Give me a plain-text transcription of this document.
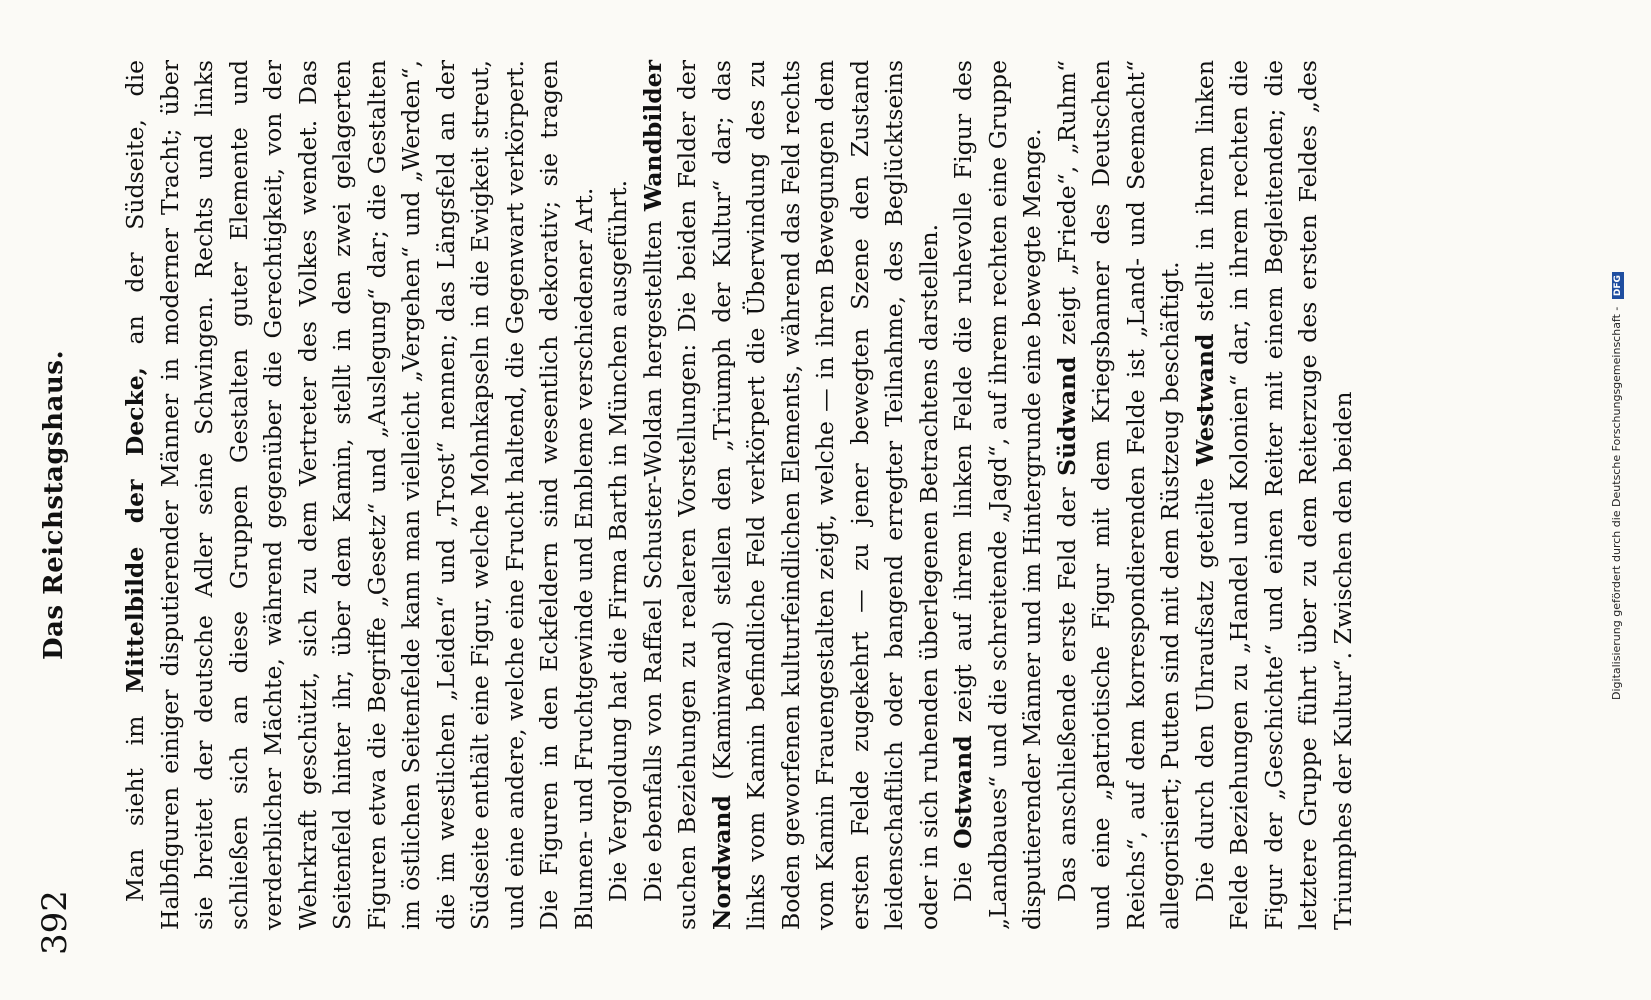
392
Das Reichstagshaus.

Man sieht im Mittelbilde der Decke, an der Südseite, die Halbfiguren einiger disputierender Männer in moderner Tracht; über sie breitet der deutsche Adler seine Schwingen. Rechts und links schließen sich an diese Gruppen Gestalten guter Elemente und verderblicher Mächte, während gegenüber die Gerechtigkeit, von der Wehrkraft geschützt, sich zu dem Vertreter des Volkes wendet. Das Seitenfeld hinter ihr, über dem Kamin, stellt in den zwei gelagerten Figuren etwa die Begriffe „Gesetz“ und „Auslegung“ dar; die Gestalten im östlichen Seitenfelde kann man vielleicht „Vergehen“ und „Werden“, die im westlichen „Leiden“ und „Trost“ nennen; das Längsfeld an der Südseite enthält eine Figur, welche Mohnkapseln in die Ewigkeit streut, und eine andere, welche eine Frucht haltend, die Gegenwart verkörpert. Die Figuren in den Eckfeldern sind wesentlich dekorativ; sie tragen Blumen- und Fruchtgewinde und Embleme verschiedener Art. Die Vergoldung hat die Firma Barth in München ausgeführt. Die ebenfalls von Raffael Schuster-Woldan hergestellten Wandbilder suchen Beziehungen zu realeren Vorstellungen: Die beiden Felder der Nordwand (Kaminwand) stellen den „Triumph der Kultur“ dar; das links vom Kamin befindliche Feld verkörpert die Überwindung des zu Boden geworfenen kulturfeindlichen Elements, während das Feld rechts vom Kamin Frauengestalten zeigt, welche — in ihren Bewegungen dem ersten Felde zugekehrt — zu jener bewegten Szene den Zustand leidenschaftlich oder bangend erregter Teilnahme, des Beglücktseins oder in sich ruhenden überlegenen Betrachtens darstellen. Die Ostwand zeigt auf ihrem linken Felde die ruhevolle Figur des „Landbaues“ und die schreitende „Jagd“, auf ihrem rechten eine Gruppe disputierender Männer und im Hintergrunde eine bewegte Menge. Das anschließende erste Feld der Südwand zeigt „Friede“, „Ruhm“ und eine „patriotische Figur mit dem Kriegsbanner des Deutschen Reichs“, auf dem korrespondierenden Felde ist „Land- und Seemacht“ allegorisiert; Putten sind mit dem Rüstzeug beschäftigt. Die durch den Uhraufsatz geteilte Westwand stellt in ihrem linken Felde Beziehungen zu „Handel und Kolonien“ dar, in ihrem rechten die Figur der „Geschichte“ und einen Reiter mit einem Begleitenden; die letztere Gruppe führt über zu dem Reiterzuge des ersten Feldes „des Triumphes der Kultur“. Zwischen den beiden	Digitalisierung gefördert durch die Deutsche Forschungsgemeinschaft - DFG
